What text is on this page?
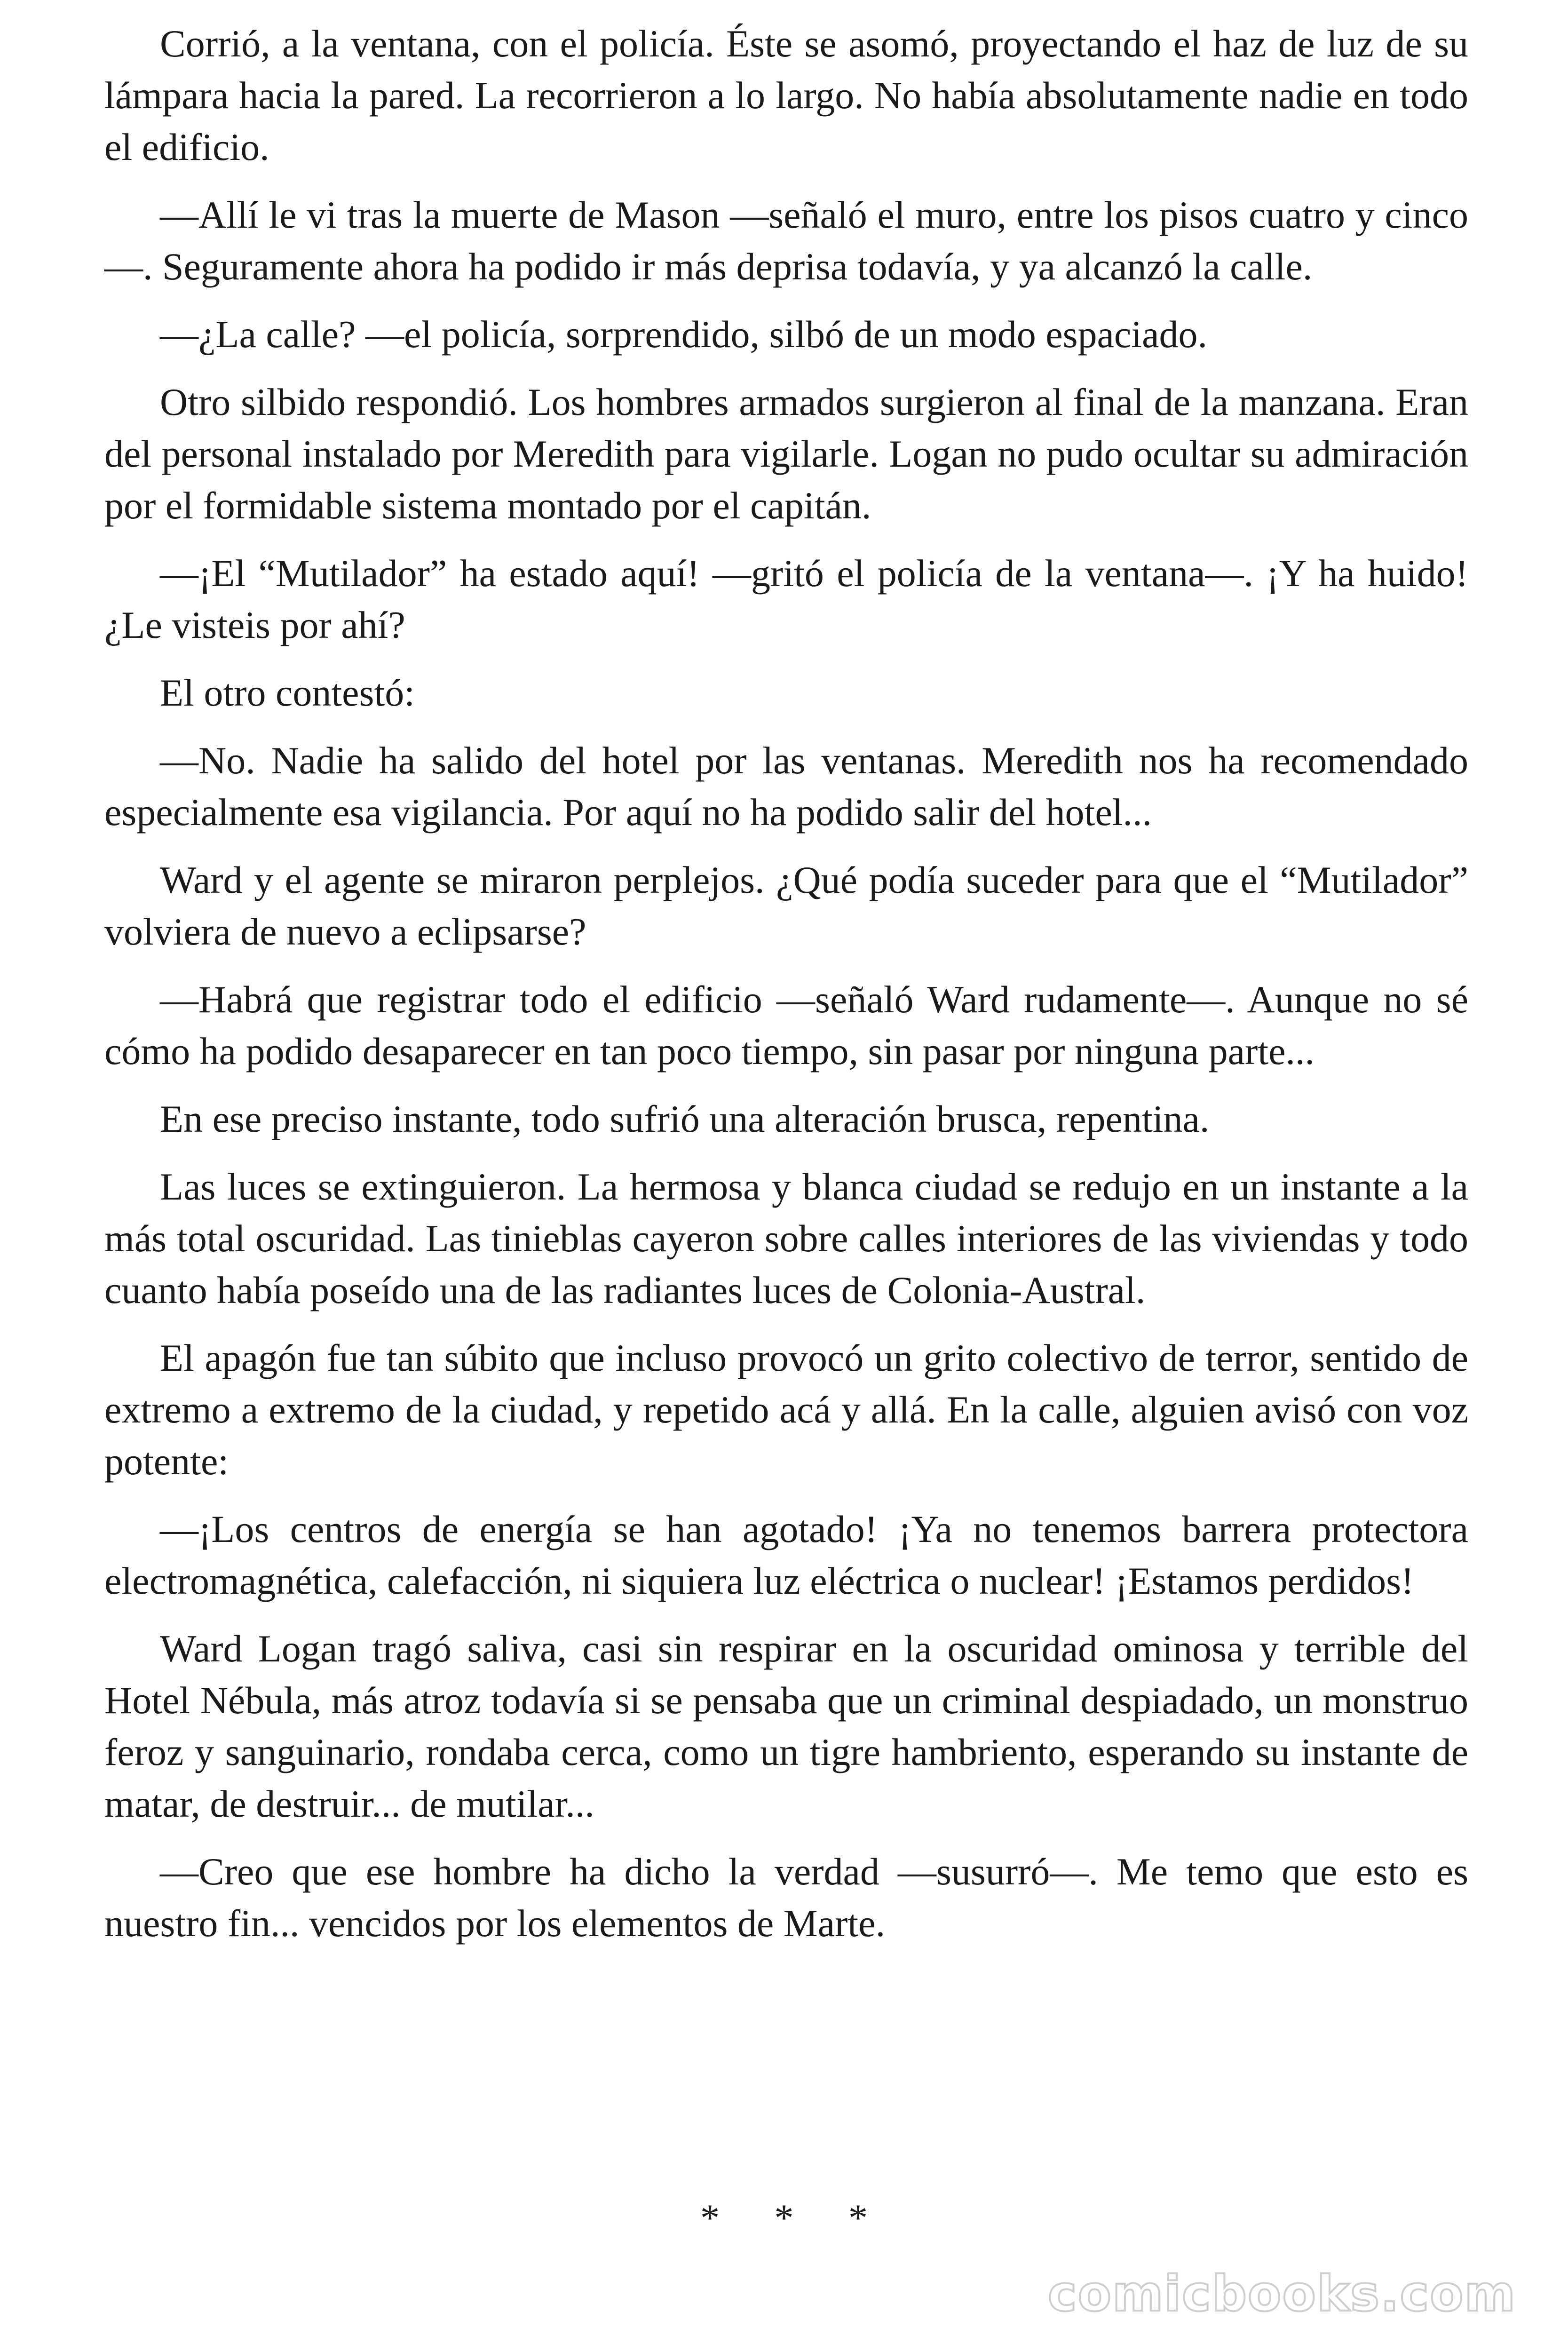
Corrió, a la ventana, con el policía. Éste se asomó, proyectando el haz de luz de su lámpara hacia la pared. La recorrieron a lo largo. No había absolutamente nadie en todo el edificio.

—Allí le vi tras la muerte de Mason —señaló el muro, entre los pisos cuatro y cinco—. Seguramente ahora ha podido ir más deprisa todavía, y ya alcanzó la calle.

—¿La calle? —el policía, sorprendido, silbó de un modo espaciado.

Otro silbido respondió. Los hombres armados surgieron al final de la manzana. Eran del personal instalado por Meredith para vigilarle. Logan no pudo ocultar su admiración por el formidable sistema montado por el capitán.

—¡El “Mutilador” ha estado aquí! —gritó el policía de la ventana—. ¡Y ha huido! ¿Le visteis por ahí?

El otro contestó:

—No. Nadie ha salido del hotel por las ventanas. Meredith nos ha recomendado especialmente esa vigilancia. Por aquí no ha podido salir del hotel...

Ward y el agente se miraron perplejos. ¿Qué podía suceder para que el “Mutilador” volviera de nuevo a eclipsarse?

—Habrá que registrar todo el edificio —señaló Ward rudamente—. Aunque no sé cómo ha podido desaparecer en tan poco tiempo, sin pasar por ninguna parte...

En ese preciso instante, todo sufrió una alteración brusca, repentina.

Las luces se extinguieron. La hermosa y blanca ciudad se redujo en un instante a la más total oscuridad. Las tinieblas cayeron sobre calles interiores de las viviendas y todo cuanto había poseído una de las radiantes luces de Colonia-Austral.

El apagón fue tan súbito que incluso provocó un grito colectivo de terror, sentido de extremo a extremo de la ciudad, y repetido acá y allá. En la calle, alguien avisó con voz potente:

—¡Los centros de energía se han agotado! ¡Ya no tenemos barrera protectora electromagnética, calefacción, ni siquiera luz eléctrica o nuclear! ¡Estamos perdidos!

Ward Logan tragó saliva, casi sin respirar en la oscuridad ominosa y terrible del Hotel Nébula, más atroz todavía si se pensaba que un criminal despiadado, un monstruo feroz y sanguinario, rondaba cerca, como un tigre hambriento, esperando su instante de matar, de destruir... de mutilar...

—Creo que ese hombre ha dicho la verdad —susurró—. Me temo que esto es nuestro fin... vencidos por los elementos de Marte.

* * *
comicbooks.com
